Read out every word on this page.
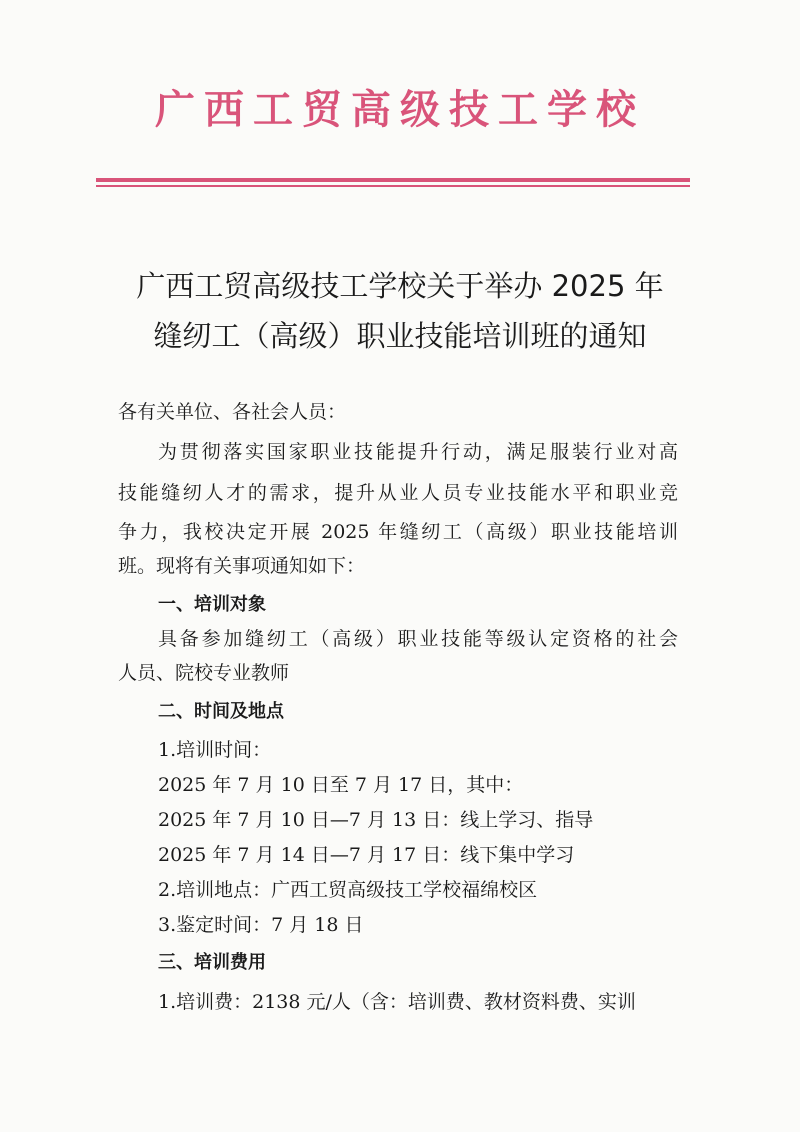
广西工贸高级技工学校
广西工贸高级技工学校关于举办 2025 年
缝纫工（高级）职业技能培训班的通知
各有关单位、各社会人员：
为贯彻落实国家职业技能提升行动，满足服装行业对高
技能缝纫人才的需求，提升从业人员专业技能水平和职业竞
争力，我校决定开展 2025 年缝纫工（高级）职业技能培训
班。现将有关事项通知如下：
一、培训对象
具备参加缝纫工（高级）职业技能等级认定资格的社会
人员、院校专业教师
二、时间及地点
1.培训时间：
2025 年 7 月 10 日至 7 月 17 日，其中：
2025 年 7 月 10 日—7 月 13 日：线上学习、指导
2025 年 7 月 14 日—7 月 17 日：线下集中学习
2.培训地点：广西工贸高级技工学校福绵校区
3.鉴定时间：7 月 18 日
三、培训费用
1.培训费：2138 元/人（含：培训费、教材资料费、实训
